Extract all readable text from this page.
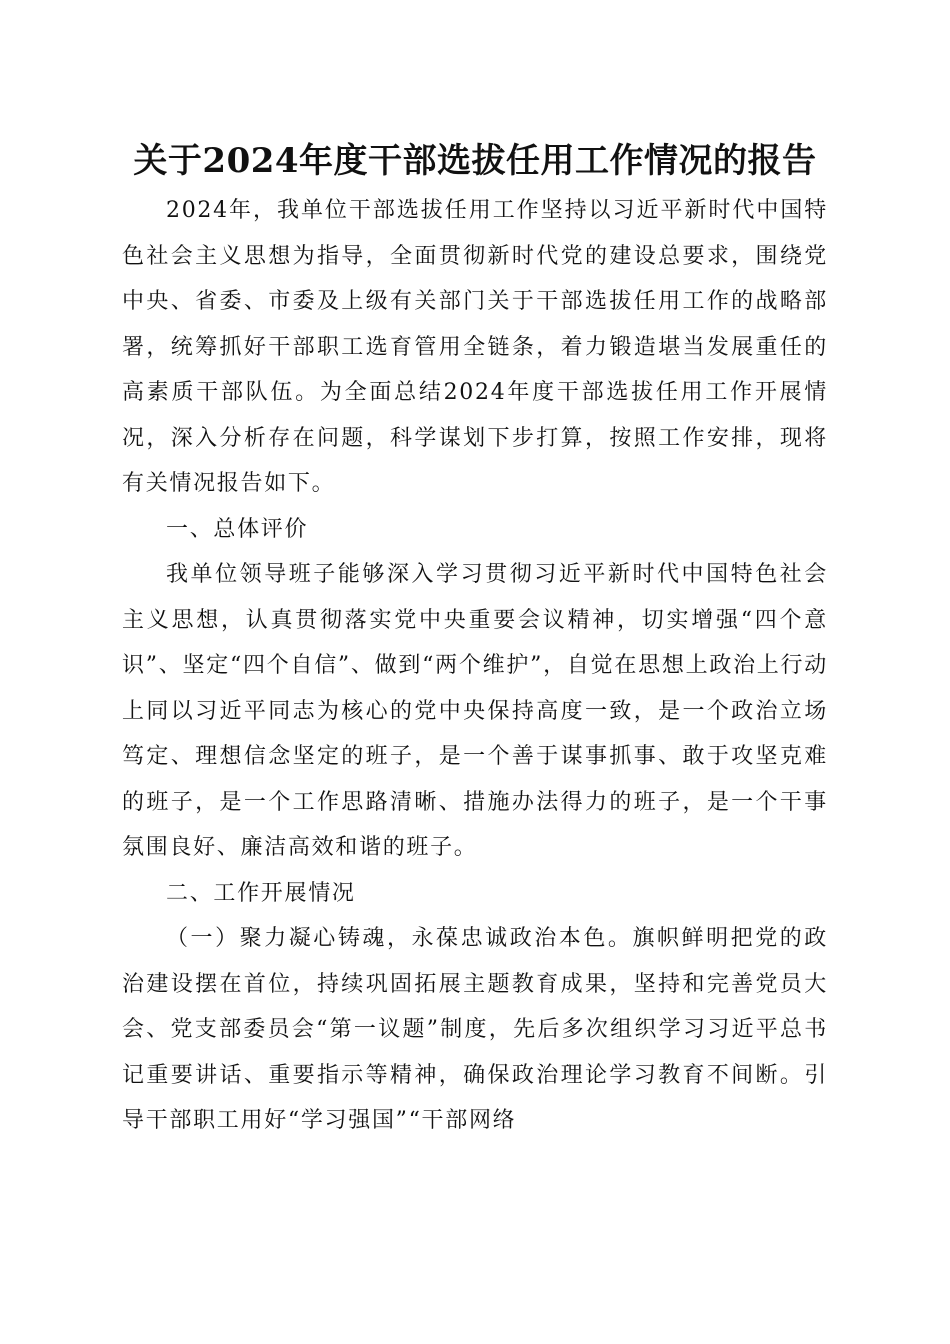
关于2024年度干部选拔任用工作情况的报告

2024年，我单位干部选拔任用工作坚持以习近平新时代中国特色社会主义思想为指导，全面贯彻新时代党的建设总要求，围绕党中央、省委、市委及上级有关部门关于干部选拔任用工作的战略部署，统筹抓好干部职工选育管用全链条，着力锻造堪当发展重任的高素质干部队伍。为全面总结2024年度干部选拔任用工作开展情况，深入分析存在问题，科学谋划下步打算，按照工作安排，现将有关情况报告如下。

一、总体评价

我单位领导班子能够深入学习贯彻习近平新时代中国特色社会主义思想，认真贯彻落实党中央重要会议精神，切实增强“四个意识”、坚定“四个自信”、做到“两个维护”，自觉在思想上政治上行动上同以习近平同志为核心的党中央保持高度一致，是一个政治立场笃定、理想信念坚定的班子，是一个善于谋事抓事、敢于攻坚克难的班子，是一个工作思路清晰、措施办法得力的班子，是一个干事氛围良好、廉洁高效和谐的班子。

二、工作开展情况

（一）聚力凝心铸魂，永葆忠诚政治本色。旗帜鲜明把党的政治建设摆在首位，持续巩固拓展主题教育成果，坚持和完善党员大会、党支部委员会“第一议题”制度，先后多次组织学习习近平总书记重要讲话、重要指示等精神，确保政治理论学习教育不间断。引导干部职工用好“学习强国”“干部网络
